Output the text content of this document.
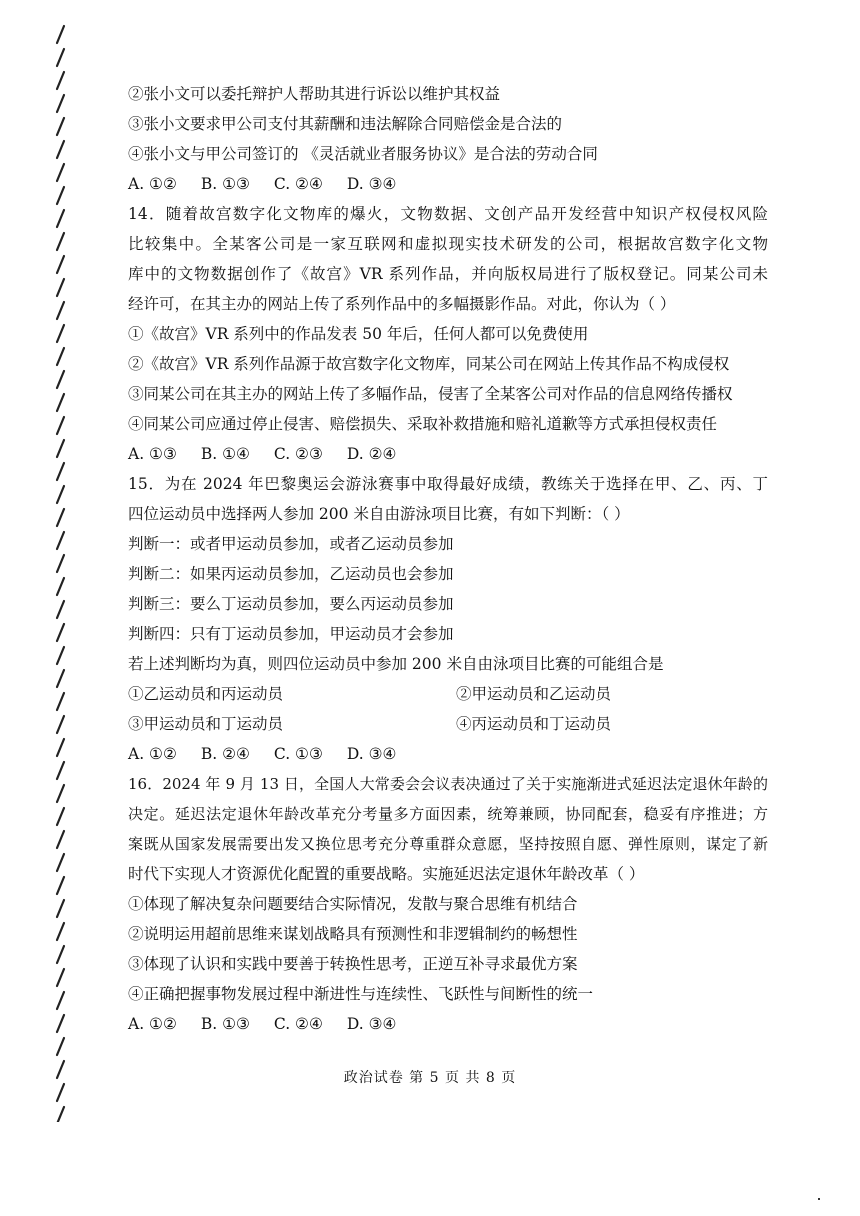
②张小文可以委托辩护人帮助其进行诉讼以维护其权益
③张小文要求甲公司支付其薪酬和违法解除合同赔偿金是合法的
④张小文与甲公司签订的 《灵活就业者服务协议》是合法的劳动合同
A. ①② B. ①③ C. ②④ D. ③④
14．随着故宫数字化文物库的爆火，文物数据、文创产品开发经营中知识产权侵权风险
比较集中。全某客公司是一家互联网和虚拟现实技术研发的公司，根据故宫数字化文物
库中的文物数据创作了《故宫》VR 系列作品，并向版权局进行了版权登记。同某公司未
经许可，在其主办的网站上传了系列作品中的多幅摄影作品。对此，你认为（ ）
①《故宫》VR 系列中的作品发表 50 年后，任何人都可以免费使用
②《故宫》VR 系列作品源于故宫数字化文物库，同某公司在网站上传其作品不构成侵权
③同某公司在其主办的网站上传了多幅作品，侵害了全某客公司对作品的信息网络传播权
④同某公司应通过停止侵害、赔偿损失、采取补救措施和赔礼道歉等方式承担侵权责任
A. ①③ B. ①④ C. ②③ D. ②④
15．为在 2024 年巴黎奥运会游泳赛事中取得最好成绩，教练关于选择在甲、乙、丙、丁
四位运动员中选择两人参加 200 米自由游泳项目比赛，有如下判断：（ ）
判断一：或者甲运动员参加，或者乙运动员参加
判断二：如果丙运动员参加，乙运动员也会参加
判断三：要么丁运动员参加，要么丙运动员参加
判断四：只有丁运动员参加，甲运动员才会参加
若上述判断均为真，则四位运动员中参加 200 米自由泳项目比赛的可能组合是
①乙运动员和丙运动员	②甲运动员和乙运动员
③甲运动员和丁运动员	④丙运动员和丁运动员
A. ①② B. ②④ C. ①③ D. ③④
16．2024 年 9 月 13 日，全国人大常委会会议表决通过了关于实施渐进式延迟法定退休年龄的
决定。延迟法定退休年龄改革充分考量多方面因素，统筹兼顾，协同配套，稳妥有序推进；方
案既从国家发展需要出发又换位思考充分尊重群众意愿，坚持按照自愿、弹性原则，谋定了新
时代下实现人才资源优化配置的重要战略。实施延迟法定退休年龄改革（ ）
①体现了解决复杂问题要结合实际情况，发散与聚合思维有机结合
②说明运用超前思维来谋划战略具有预测性和非逻辑制约的畅想性
③体现了认识和实践中要善于转换性思考，正逆互补寻求最优方案
④正确把握事物发展过程中渐进性与连续性、飞跃性与间断性的统一
A. ①② B. ①③ C. ②④ D. ③④
政治试卷 第 5 页 共 8 页
